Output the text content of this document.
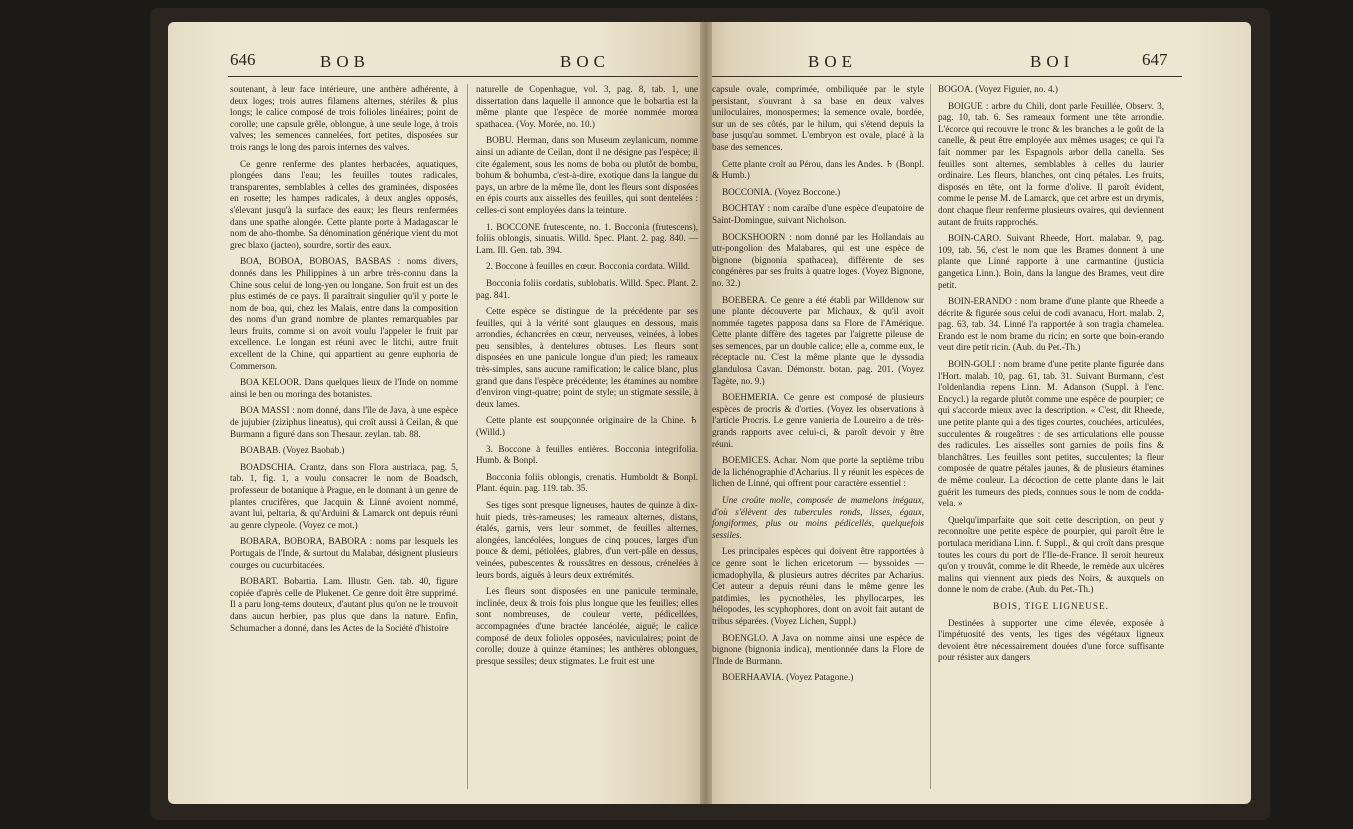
646	BOB	BOC	BOE	BOI	647

soutenant, à leur face intérieure, une anthère adhérente, à deux loges; trois autres filamens alternes, stériles & plus longs; le calice composé de trois folioles linéaires; point de corolle; une capsule grêle, oblongue, à une seule loge, à trois valves; les semences cannelées, fort petites, disposées sur trois rangs le long des parois internes des valves.

Ce genre renferme des plantes herbacées, aquatiques, plongées dans l'eau; les feuilles toutes radicales, transparentes, semblables à celles des graminées, disposées en rosette; les hampes radicales, à deux angles opposés, s'élevant jusqu'à la surface des eaux; les fleurs renfermées dans une spathe alongée. Cette plante porte à Madagascar le nom de aho-thombe. Sa dénomination générique vient du mot grec blaxo (jacteo), sourdre, sortir des eaux.

BOA, BOBOA, BOBOAS, BASBAS : noms divers, donnés dans les Philippines à un arbre très-connu dans la Chine sous celui de long-yen ou longane. Son fruit est un des plus estimés de ce pays. Il paraîtrait singulier qu'il y porte le nom de boa, qui, chez les Malais, entre dans la composition des noms d'un grand nombre de plantes remarquables par leurs fruits, comme si on avoit voulu l'appeler le fruit par excellence. Le longan est réuni avec le litchi, autre fruit excellent de la Chine, qui appartient au genre euphoria de Commerson.

BOA KELOOR. Dans quelques lieux de l'Inde on nomme ainsi le ben ou moringa des botanistes.

BOA MASSI : nom donné, dans l'île de Java, à une espèce de jujubier (ziziphus lineatus), qui croît aussi à Ceilan, & que Burmann a figuré dans son Thesaur. zeylan. tab. 88.

BOABAB. (Voyez Baobab.)

BOADSCHIA. Crantz, dans son Flora austriaca, pag. 5, tab. 1, fig. 1, a voulu consacrer le nom de Boadsch, professeur de botanique à Prague, en le donnant à un genre de plantes crucifères, que Jacquin & Linné avoient nommé, avant lui, peltaria, & qu'Arduini & Lamarck ont depuis réuni au genre clypeole. (Voyez ce mot.)

BOBARA, BOBORA, BABORA : noms par lesquels les Portugais de l'Inde, & surtout du Malabar, désignent plusieurs courges ou cucurbitacées.

BOBART. Bobartia. Lam. Illustr. Gen. tab. 40, figure copiée d'après celle de Plukenet. Ce genre doit être supprimé. Il a paru long-tems douteux, d'autant plus qu'on ne le trouvoit dans aucun herbier, pas plus que dans la nature. Enfin, Schumacher a donné, dans les Actes de la Société d'histoire

naturelle de Copenhague, vol. 3, pag. 8, tab. 1, une dissertation dans laquelle il annonce que le bobartia est la même plante que l'espèce de morée nommée morœa spathacea. (Voy. Morée, no. 10.)

BOBU. Herman, dans son Museum zeylanicum, nomme ainsi un adiante de Ceilan, dont il ne désigne pas l'espèce; il cite également, sous les noms de boba ou plutôt de bombu, bohum & bohumba, c'est-à-dire, exotique dans la langue du pays, un arbre de la même île, dont les fleurs sont disposées en épis courts aux aisselles des feuilles, qui sont dentelées : celles-ci sont employées dans la teinture.

1. BOCCONE frutescente, no. 1. Bocconia (frutescens), foliis oblongis, sinuatis. Willd. Spec. Plant. 2. pag. 840. — Lam. Ill. Gen. tab. 394.

2. Boccone à feuilles en cœur. Bocconia cordata. Willd.

Bocconia foliis cordatis, sublobatis. Willd. Spec. Plant. 2. pag. 841.

Cette espèce se distingue de la précédente par ses feuilles, qui à la vérité sont glauques en dessous, mais arrondies, échancrées en cœur, nerveuses, veinées, à lobes peu sensibles, à dentelures obtuses. Les fleurs sont disposées en une panicule longue d'un pied; les rameaux très-simples, sans aucune ramification; le calice blanc, plus grand que dans l'espèce précédente; les étamines au nombre d'environ vingt-quatre; point de style; un stigmate sessile, à deux lames.

Cette plante est soupçonnée originaire de la Chine. ♄ (Willd.)

3. Boccone à feuilles entières. Bocconia integrifolia. Humb. & Bonpl.

Bocconia foliis oblongis, crenatis. Humboldt & Bonpl. Plant. équin. pag. 119. tab. 35.

Ses tiges sont presque ligneuses, hautes de quinze à dix-huit pieds, très-rameuses; les rameaux alternes, distans, étalés, garnis, vers leur sommet, de feuilles alternes, alongées, lancéolées, longues de cinq pouces, larges d'un pouce & demi, pétiolées, glabres, d'un vert-pâle en dessus, veinées, pubescentes & roussâtres en dessous, crénelées à leurs bords, aiguës à leurs deux extrémités.

Les fleurs sont disposées en une panicule terminale, inclinée, deux & trois fois plus longue que les feuilles; elles sont nombreuses, de couleur verte, pédicellées, accompagnées d'une bractée lancéolée, aiguë; le calice composé de deux folioles opposées, naviculaires; point de corolle; douze à quinze étamines; les anthères oblongues, presque sessiles; deux stigmates. Le fruit est une

capsule ovale, comprimée, ombiliquée par le style persistant, s'ouvrant à sa base en deux valves uniloculaires, monospermes; la semence ovale, bordée, sur un de ses côtés, par le hilum, qui s'étend depuis la base jusqu'au sommet. L'embryon est ovale, placé à la base des semences.

Cette plante croît au Pérou, dans les Andes. ♄ (Bonpl. & Humb.)

BOCCONIA. (Voyez Boccone.)

BOCHTAY : nom caraïbe d'une espèce d'eupatoire de Saint-Domingue, suivant Nicholson.

BOCKSHOORN : nom donné par les Hollandais au utr-pongolion des Malabares, qui est une espèce de bignone (bignonia spathacea), différente de ses congénères par ses fruits à quatre loges. (Voyez Bignone, no. 32.)

BOEBERA. Ce genre a été établi par Willdenow sur une plante découverte par Michaux, & qu'il avoit nommée tagetes papposa dans sa Flore de l'Amérique. Cette plante diffère des tagetes par l'aigrette pileuse de ses semences, par un double calice; elle a, comme eux, le réceptacle nu. C'est la même plante que le dyssodia glandulosa Cavan. Démonstr. botan. pag. 201. (Voyez Tagète, no. 9.)

BOEHMERIA. Ce genre est composé de plusieurs espèces de procris & d'orties. (Voyez les observations à l'article Procris. Le genre vanieria de Loureiro a de très-grands rapports avec celui-ci, & paroît devoir y être réuni.

BOEMICES. Achar. Nom que porte la septième tribu de la lichénographie d'Acharius. Il y réunit les espèces de lichen de Linné, qui offrent pour caractère essentiel :

Une croûte molle, composée de mamelons inégaux, d'où s'élèvent des tubercules ronds, lisses, égaux, fongiformes, plus ou moins pédicellés, quelquefois sessiles.

Les principales espèces qui doivent être rapportées à ce genre sont le lichen ericetorum — byssoides — icmadophylla, & plusieurs autres décrites par Acharius. Cet auteur a depuis réuni dans le même genre les patdimies, les pycnothèles, les phyllocarpes, les hélopodes, les scyphophores, dont on avoit fait autant de tribus séparées. (Voyez Lichen, Suppl.)

BOENGLO. A Java on nomme ainsi une espèce de bignone (bignonia indica), mentionnée dans la Flore de l'Inde de Burmann.

BOERHAAVIA. (Voyez Patagone.)

BOGOA. (Voyez Figuier, no. 4.)

BOIGUE : arbre du Chili, dont parle Feuillée, Observ. 3, pag. 10, tab. 6. Ses rameaux forment une tête arrondie. L'écorce qui recouvre le tronc & les branches a le goût de la canelle, & peut être employée aux mêmes usages; ce qui l'a fait nommer par les Espagnols arbor della canella. Ses feuilles sont alternes, semblables à celles du laurier ordinaire. Les fleurs, blanches, ont cinq pétales. Les fruits, disposés en tête, ont la forme d'olive. Il paroît évident, comme le pense M. de Lamarck, que cet arbre est un drymis, dont chaque fleur renferme plusieurs ovaires, qui deviennent autant de fruits rapprochés.

BOIN-CARO. Suivant Rheede, Hort. malabar. 9, pag. 109, tab. 56, c'est le nom que les Brames donnent à une plante que Linné rapporte à une carmantine (justicia gangetica Linn.). Boin, dans la langue des Brames, veut dire petit.

BOIN-ERANDO : nom brame d'une plante que Rheede a décrite & figurée sous celui de codi avanacu, Hort. malab. 2, pag. 63, tab. 34. Linné l'a rapportée à son tragia chamelea. Erando est le nom brame du ricin; en sorte que boin-erando veut dire petit ricin. (Aub. du Pet.-Th.)

BOIN-GOLI : nom brame d'une petite plante figurée dans l'Hort. malab. 10, pag. 61, tab. 31. Suivant Burmann, c'est l'oldenlandia repens Linn. M. Adanson (Suppl. à l'enc. Encycl.) la regarde plutôt comme une espèce de pourpier; ce qui s'accorde mieux avec la description. « C'est, dit Rheede, une petite plante qui a des tiges courtes, couchées, articulées, succulentes & rougeâtres : de ses articulations elle pousse des radicules. Les aisselles sont garnies de poils fins & blanchâtres. Les feuilles sont petites, succulentes; la fleur composée de quatre pétales jaunes, & de plusieurs étamines de même couleur. La décoction de cette plante dans le lait guérit les tumeurs des pieds, connues sous le nom de codda-vela. »

Quelqu'imparfaite que soit cette description, on peut y reconnoître une petite espèce de pourpier, qui paroît être le portulaca meridiana Linn. f. Suppl., & qui croît dans presque toutes les cours du port de l'Ile-de-France. Il seroit heureux qu'on y trouvât, comme le dit Rheede, le remède aux ulcères malins qui viennent aux pieds des Noirs, & auxquels on donne le nom de crabe. (Aub. du Pet.-Th.)

BOIS, TIGE LIGNEUSE.

Destinées à supporter une cime élevée, exposée à l'impétuosité des vents, les tiges des végétaux ligneux devoient être nécessairement douées d'une force suffisante pour résister aux dangers
